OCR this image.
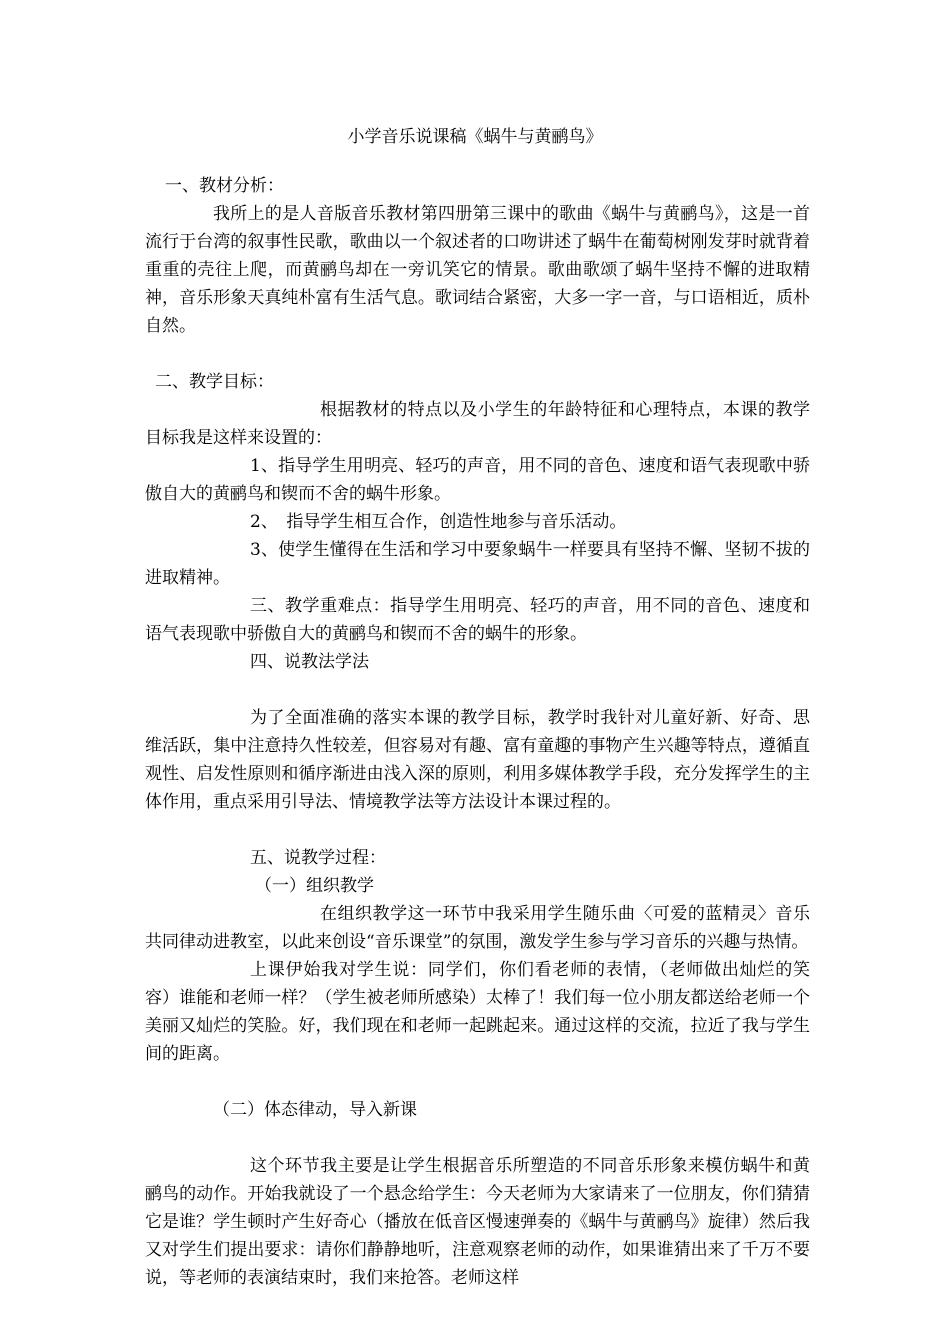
小学音乐说课稿《蜗牛与黄鹂鸟》

一、教材分析：

我所上的是人音版音乐教材第四册第三课中的歌曲《蜗牛与黄鹂鸟》，这是一首流行于台湾的叙事性民歌，歌曲以一个叙述者的口吻讲述了蜗牛在葡萄树刚发芽时就背着重重的壳往上爬，而黄鹂鸟却在一旁讥笑它的情景。歌曲歌颂了蜗牛坚持不懈的进取精神，音乐形象天真纯朴富有生活气息。歌词结合紧密，大多一字一音，与口语相近，质朴自然。

二、教学目标：

根据教材的特点以及小学生的年龄特征和心理特点，本课的教学目标我是这样来设置的：

1、指导学生用明亮、轻巧的声音，用不同的音色、速度和语气表现歌中骄傲自大的黄鹂鸟和锲而不舍的蜗牛形象。

2、　指导学生相互合作，创造性地参与音乐活动。

3、使学生懂得在生活和学习中要象蜗牛一样要具有坚持不懈、坚韧不拔的进取精神。

三、教学重难点：指导学生用明亮、轻巧的声音，用不同的音色、速度和语气表现歌中骄傲自大的黄鹂鸟和锲而不舍的蜗牛的形象。

四、说教法学法

为了全面准确的落实本课的教学目标，教学时我针对儿童好新、好奇、思维活跃，集中注意持久性较差，但容易对有趣、富有童趣的事物产生兴趣等特点，遵循直观性、启发性原则和循序渐进由浅入深的原则，利用多媒体教学手段，充分发挥学生的主体作用，重点采用引导法、情境教学法等方法设计本课过程的。

五、说教学过程：

（一）组织教学

在组织教学这一环节中我采用学生随乐曲〈可爱的蓝精灵〉音乐共同律动进教室，以此来创设“音乐课堂”的氛围，激发学生参与学习音乐的兴趣与热情。

上课伊始我对学生说：同学们，你们看老师的表情，（老师做出灿烂的笑容）谁能和老师一样？（学生被老师所感染）太棒了！我们每一位小朋友都送给老师一个美丽又灿烂的笑脸。好，我们现在和老师一起跳起来。通过这样的交流，拉近了我与学生间的距离。

（二）体态律动，导入新课

这个环节我主要是让学生根据音乐所塑造的不同音乐形象来模仿蜗牛和黄鹂鸟的动作。开始我就设了一个悬念给学生：今天老师为大家请来了一位朋友，你们猜猜它是谁？学生顿时产生好奇心（播放在低音区慢速弹奏的《蜗牛与黄鹂鸟》旋律）然后我又对学生们提出要求：请你们静静地听，注意观察老师的动作，如果谁猜出来了千万不要说，等老师的表演结束时，我们来抢答。老师这样
